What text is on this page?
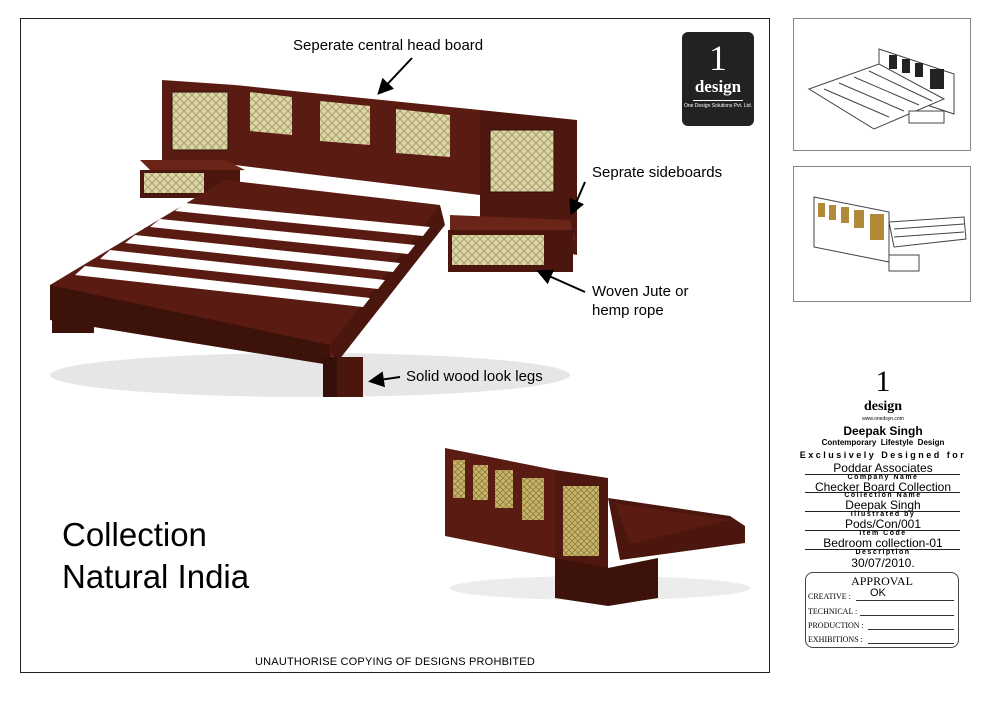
Seperate central head board
Seprate sideboards
Woven Jute or
hemp rope
Solid wood look legs
1
design
One Design Solutions Pvt. Ltd.
Collection
Natural India
UNAUTHORISE COPYING OF DESIGNS PROHBITED
1
design
www.onedsyn.com
Deepak Singh
Contemporary  Lifestyle  Design
Exclusively Designed for
Poddar Associates
Company Name
Checker Board Collection
Collection Name
Deepak Singh
Illustrated by
Pods/Con/001
Item Code
Bedroom collection-01
Description
30/07/2010.
APPROVAL
CREATIVE : OK
TECHNICAL :
PRODUCTION :
EXHIBITIONS :
